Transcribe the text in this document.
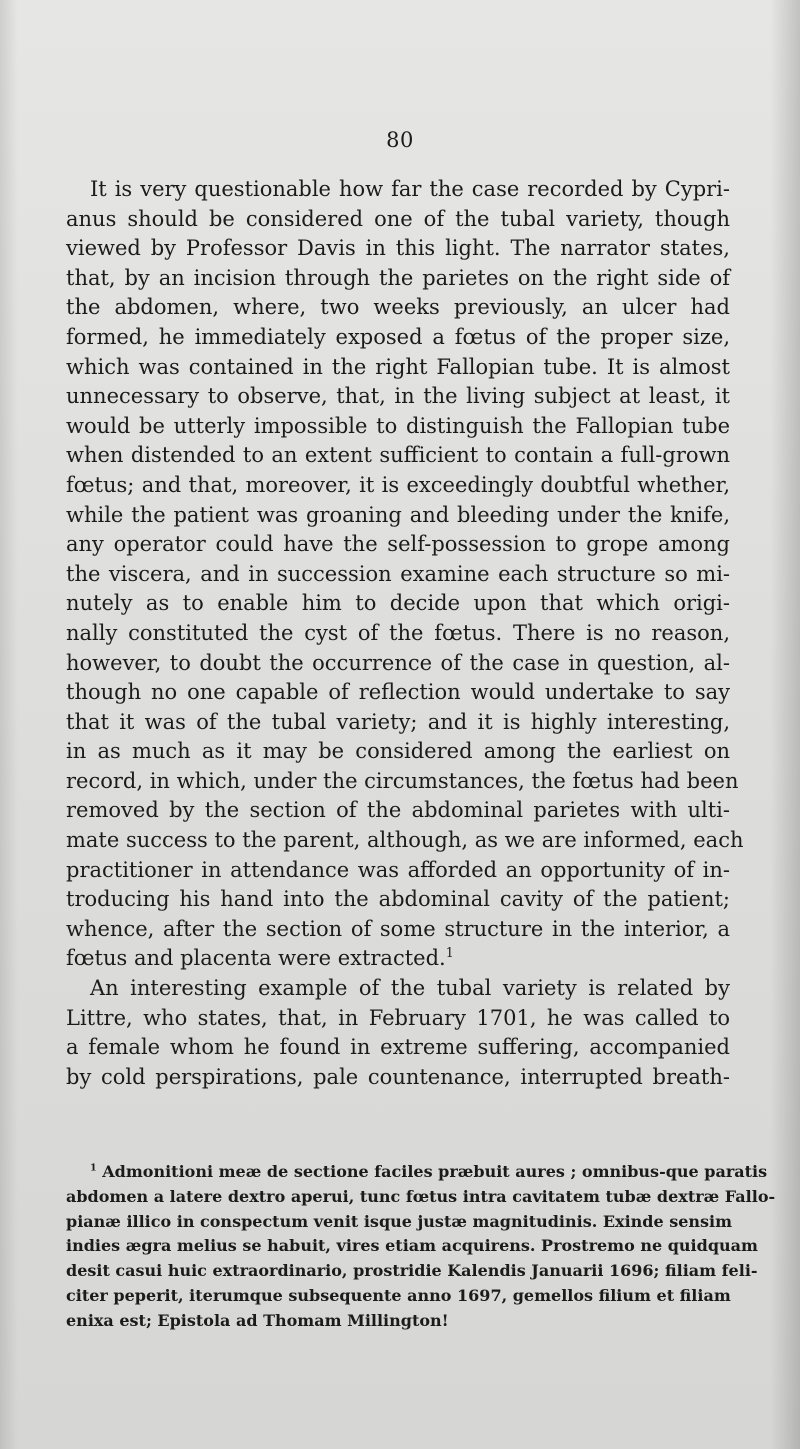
80
It is very questionable how far the case recorded by Cypri-
anus should be considered one of the tubal variety, though
viewed by Professor Davis in this light. The narrator states,
that, by an incision through the parietes on the right side of
the abdomen, where, two weeks previously, an ulcer had
formed, he immediately exposed a fœtus of the proper size,
which was contained in the right Fallopian tube. It is almost
unnecessary to observe, that, in the living subject at least, it
would be utterly impossible to distinguish the Fallopian tube
when distended to an extent sufficient to contain a full-grown
fœtus; and that, moreover, it is exceedingly doubtful whether,
while the patient was groaning and bleeding under the knife,
any operator could have the self-possession to grope among
the viscera, and in succession examine each structure so mi-
nutely as to enable him to decide upon that which origi-
nally constituted the cyst of the fœtus. There is no reason,
however, to doubt the occurrence of the case in question, al-
though no one capable of reflection would undertake to say
that it was of the tubal variety; and it is highly interesting,
in as much as it may be considered among the earliest on
record, in which, under the circumstances, the fœtus had been
removed by the section of the abdominal parietes with ulti-
mate success to the parent, although, as we are informed, each
practitioner in attendance was afforded an opportunity of in-
troducing his hand into the abdominal cavity of the patient;
whence, after the section of some structure in the interior, a
fœtus and placenta were extracted.$^1$
An interesting example of the tubal variety is related by
Littre, who states, that, in February 1701, he was called to
a female whom he found in extreme suffering, accompanied
by cold perspirations, pale countenance, interrupted breath-
$^1$ Admonitioni meæ de sectione faciles præbuit aures ; omnibus-que paratis
abdomen a latere dextro aperui, tunc fœtus intra cavitatem tubæ dextræ Fallo-
pianæ illico in conspectum venit isque justæ magnitudinis. Exinde sensim
indies ægra melius se habuit, vires etiam acquirens. Prostremo ne quidquam
desit casui huic extraordinario, prostridie Kalendis Januarii 1696; filiam feli-
citer peperit, iterumque subsequente anno 1697, gemellos filium et filiam
enixa est; Epistola ad Thomam Millington!
